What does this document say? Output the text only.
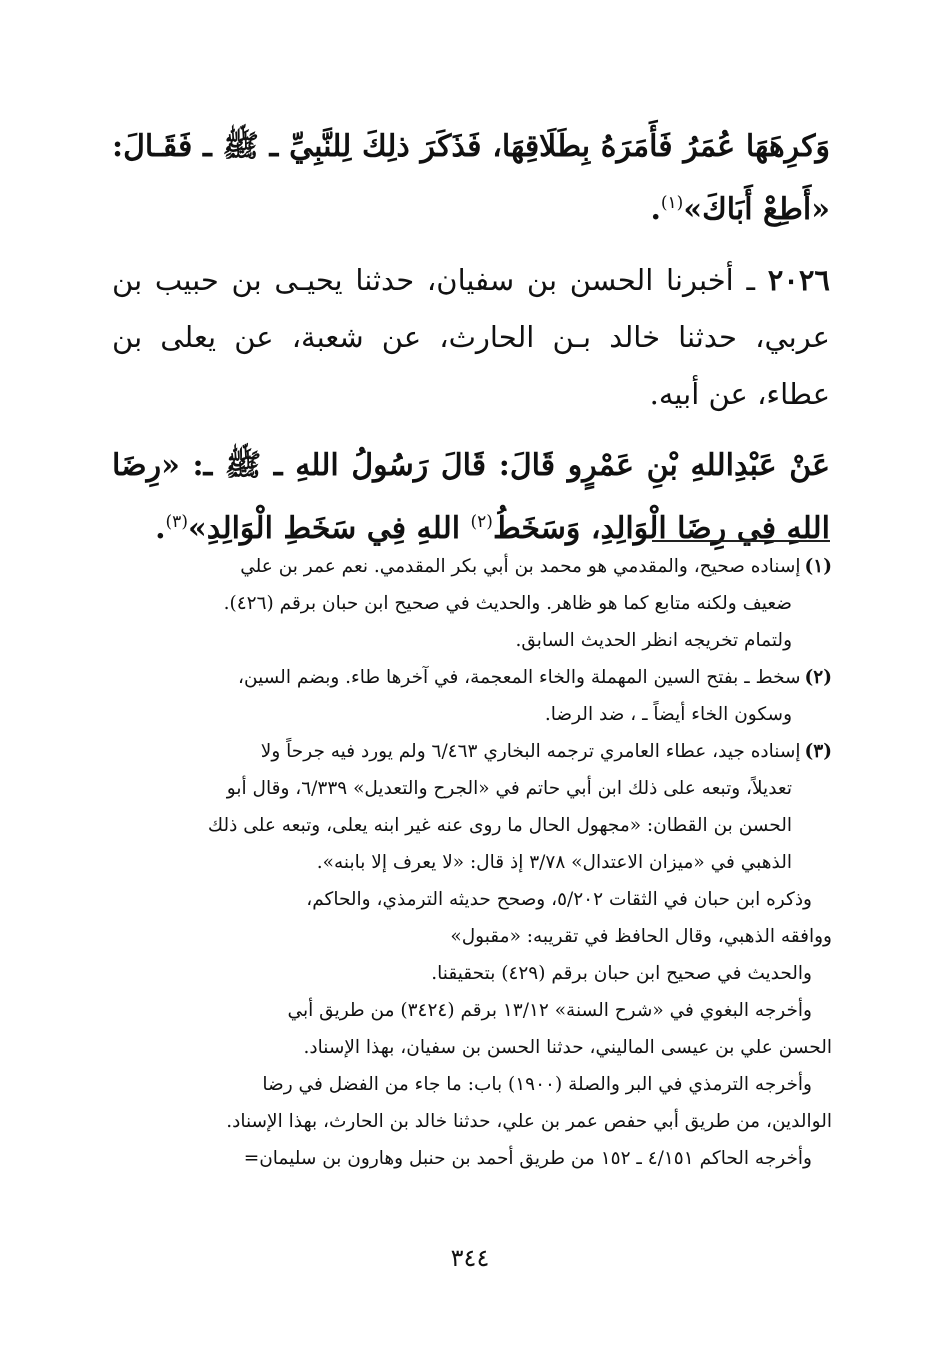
وَكرِهَهَا عُمَرُ فَأَمَرَهُ بِطَلَاقِهَا، فَذَكَرَ ذلِكَ لِلنَّبِيِّ ـ ﷺ ـ فَقَـالَ: «أَطِعْ أَبَاكَ»$^{(١)}$.

٢٠٢٦ ـ أخبرنا الحسن بن سفيان، حدثنا يحيـى بن حبيب بن عربي، حدثنا خالد بـن الحارث، عن شعبة، عن يعلى بن عطاء، عن أبيه.

عَنْ عَبْدِاللهِ بْنِ عَمْرٍو قَالَ: قَالَ رَسُولُ اللهِ ـ ﷺ ـ: «رِضَا اللهِ فِي رِضَا الْوَالِدِ، وَسَخَطُ$^{(٢)}$ اللهِ فِي سَخَطِ الْوَالِدِ»$^{(٣)}$.

(١)إسناده صحيح، والمقدمي هو محمد بن أبي بكر المقدمي. نعم عمر بن علي
ضعيف ولكنه متابع كما هو ظاهر. والحديث في صحيح ابن حبان برقم (٤٢٦).
ولتمام تخريجه انظر الحديث السابق.

(٢)سخط ـ بفتح السين المهملة والخاء المعجمة، في آخرها طاء. وبضم السين،
وسكون الخاء أيضاً ـ ، ضد الرضا.

(٣)إسناده جيد، عطاء العامري ترجمه البخاري ٦/٤٦٣ ولم يورد فيه جرحاً ولا
تعديلاً، وتبعه على ذلك ابن أبي حاتم في «الجرح والتعديل» ٦/٣٣٩، وقال أبو
الحسن بن القطان: «مجهول الحال ما روى عنه غير ابنه يعلى، وتبعه على ذلك
الذهبي في «ميزان الاعتدال» ٣/٧٨ إذ قال: «لا يعرف إلا بابنه».
وذكره ابن حبان في الثقات ٥/٢٠٢، وصحح حديثه الترمذي، والحاكم،
ووافقه الذهبي، وقال الحافظ في تقريبه: «مقبول»
والحديث في صحيح ابن حبان برقم (٤٢٩) بتحقيقنا.
وأخرجه البغوي في «شرح السنة» ١٣/١٢ برقم (٣٤٢٤) من طريق أبي
الحسن علي بن عيسى الماليني، حدثنا الحسن بن سفيان، بهذا الإسناد.
وأخرجه الترمذي في البر والصلة (١٩٠٠) باب: ما جاء من الفضل في رضا
الوالدين، من طريق أبي حفص عمر بن علي، حدثنا خالد بن الحارث، بهذا الإسناد.
وأخرجه الحاكم ٤/١٥١ ـ ١٥٢ من طريق أحمد بن حنبل وهارون بن سليمان=

٣٤٤
